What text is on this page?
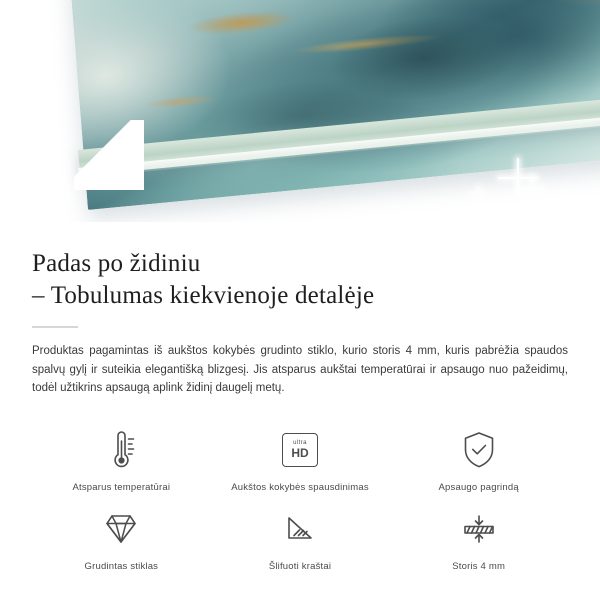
Padas po židiniu
– Tobulumas kiekvienoje detalėje

Produktas pagamintas iš aukštos kokybės grudinto stiklo, kurio storis 4 mm, kuris pabrėžia spaudos spalvų gylį ir suteikia elegantišką blizgesį. Jis atsparus aukštai temperatūrai ir apsaugo nuo pažeidimų, todėl užtikrins apsaugą aplink židinį daugelį metų.

Atsparus temperatūrai
ultra
HD
Aukštos kokybės spausdinimas	Apsaugo pagrindą
Grudintas stiklas	Šlifuoti kraštai	Storis 4 mm
